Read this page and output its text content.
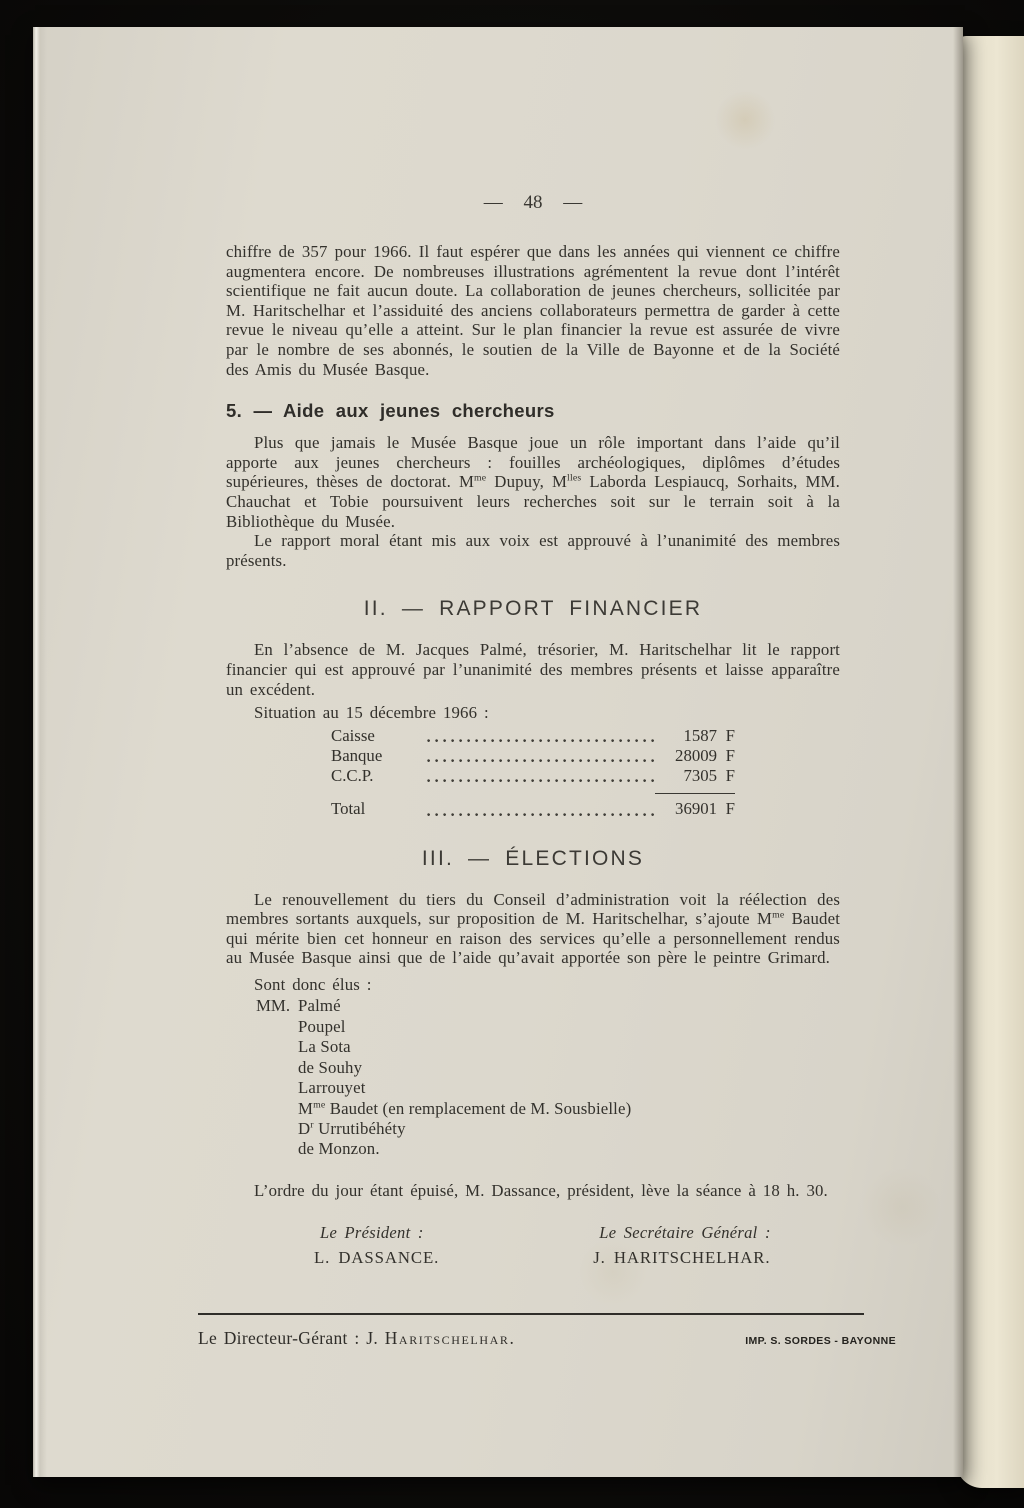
— 48 —

chiffre de 357 pour 1966. Il faut espérer que dans les années qui viennent ce chiffre augmentera encore. De nombreuses illustrations agrémentent la revue dont l’intérêt scientifique ne fait aucun doute. La collaboration de jeunes chercheurs, sollicitée par M. Haritschelhar et l’assiduité des anciens collaborateurs permettra de garder à cette revue le niveau qu’elle a atteint. Sur le plan financier la revue est assurée de vivre par le nombre de ses abonnés, le soutien de la Ville de Bayonne et de la Société des Amis du Musée Basque.

5. — Aide aux jeunes chercheurs

Plus que jamais le Musée Basque joue un rôle important dans l’aide qu’il apporte aux jeunes chercheurs : fouilles archéologiques, diplômes d’études supérieures, thèses de doctorat. $M^{me}$ Dupuy, $M^{lles}$ Laborda Lespiaucq, Sorhaits, MM. Chauchat et Tobie poursuivent leurs recherches soit sur le terrain soit à la Bibliothèque du Musée.

Le rapport moral étant mis aux voix est approuvé à l’unanimité des membres présents.

II. — RAPPORT FINANCIER

En l’absence de M. Jacques Palmé, trésorier, M. Haritschelhar lit le rapport financier qui est approuvé par l’unanimité des membres présents et laisse apparaître un excédent.

Situation au 15 décembre 1966 :

Caisse	1587 F
Banque	28009 F
C.C.P.	7305 F
Total	36901 F
III. — ÉLECTIONS

Le renouvellement du tiers du Conseil d’administration voit la réélection des membres sortants auxquels, sur proposition de M. Haritschelhar, s’ajoute $M^{me}$ Baudet qui mérite bien cet honneur en raison des services qu’elle a personnellement rendus au Musée Basque ainsi que de l’aide qu’avait apportée son père le peintre Grimard.

Sont donc élus :

MM. Palmé
Poupel
La Sota
de Souhy
Larrouyet
$M^{me}$ Baudet (en remplacement de M. Sousbielle)
$D^r$ Urrutibéhéty
de Monzon.

L’ordre du jour étant épuisé, M. Dassance, président, lève la séance à 18 h. 30.

Le Président :
L. DASSANCE.
Le Secrétaire Général :
J. HARITSCHELHAR.
Le Directeur-Gérant : J. Haritschelhar.	IMP. S. SORDES - BAYONNE
